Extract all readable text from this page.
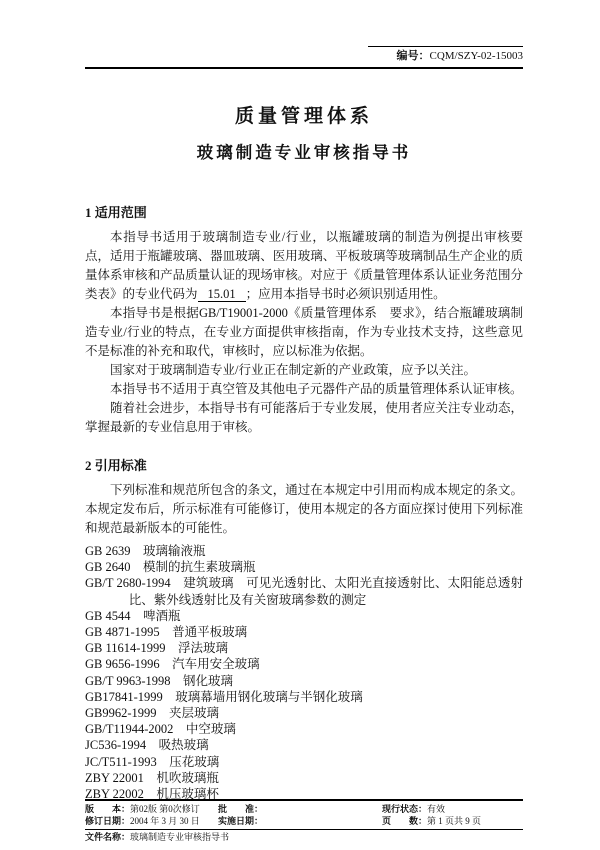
编号：CQM/SZY-02-15003
质量管理体系
玻璃制造专业审核指导书
1 适用范围

本指导书适用于玻璃制造专业/行业，以瓶罐玻璃的制造为例提出审核要点，适用于瓶罐玻璃、器皿玻璃、医用玻璃、平板玻璃等玻璃制品生产企业的质量体系审核和产品质量认证的现场审核。对应于《质量管理体系认证业务范围分类表》的专业代码为 15.01 ；应用本指导书时必须识别适用性。

本指导书是根据GB/T19001-2000《质量管理体系　要求》，结合瓶罐玻璃制造专业/行业的特点，在专业方面提供审核指南，作为专业技术支持，这些意见不是标准的补充和取代，审核时，应以标准为依据。

国家对于玻璃制造专业/行业正在制定新的产业政策，应予以关注。

本指导书不适用于真空管及其他电子元器件产品的质量管理体系认证审核。

随着社会进步，本指导书有可能落后于专业发展，使用者应关注专业动态，掌握最新的专业信息用于审核。

2 引用标准

下列标准和规范所包含的条文，通过在本规定中引用而构成本规定的条文。本规定发布后，所示标准有可能修订，使用本规定的各方面应探讨使用下列标准和规范最新版本的可能性。

GB 2639　玻璃输液瓶
GB 2640　模制的抗生素玻璃瓶
GB/T 2680-1994　建筑玻璃　可见光透射比、太阳光直接透射比、太阳能总透射比、紫外线透射比及有关窗玻璃参数的测定
GB 4544　啤酒瓶
GB 4871-1995　普通平板玻璃
GB 11614-1999　浮法玻璃
GB 9656-1996　汽车用安全玻璃
GB/T 9963-1998　钢化玻璃
GB17841-1999　玻璃幕墙用钢化玻璃与半钢化玻璃
GB9962-1999　夹层玻璃
GB/T11944-2002　中空玻璃
JC536-1994　吸热玻璃
JC/T511-1993　压花玻璃
ZBY 22001　机吹玻璃瓶
ZBY 22002　机压玻璃杯
版　　本：第02版 第0次修订	批　　准：	现行状态：有效
修订日期：2004 年 3 月 30 日	实施日期：	页　　数：第 1 页共 9 页
文件名称：玻璃制造专业审核指导书
